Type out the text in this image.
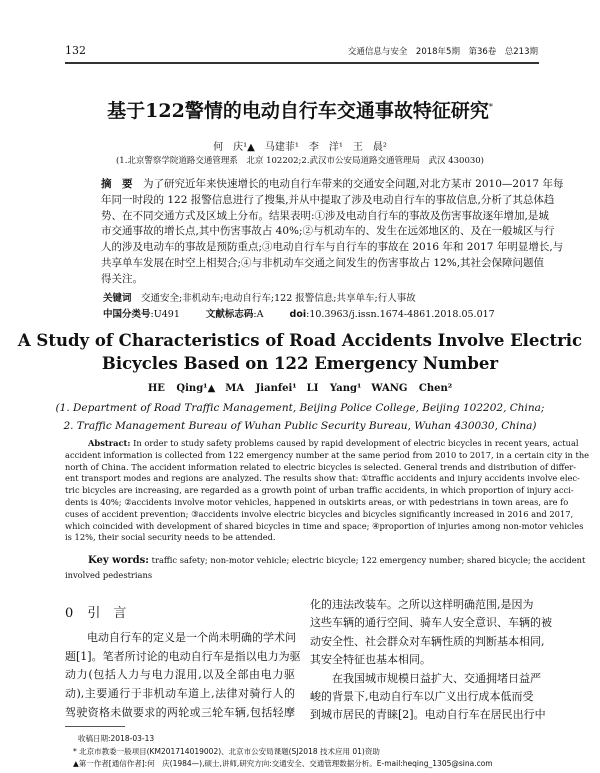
132	交通信息与安全　2018年5期　第36卷　总213期
基于122警情的电动自行车交通事故特征研究*
何　庆¹▲　马建菲¹　李　洋¹　王　晨²
(1.北京警察学院道路交通管理系　北京 102202;2.武汉市公安局道路交通管理局　武汉 430030)
摘　要　 为了研究近年来快速增长的电动自行车带来的交通安全问题,对北方某市 2010—2017 年每
年同一时段的 122 报警信息进行了搜集,并从中提取了涉及电动自行车的事故信息,分析了其总体趋
势、在不同交通方式及区域上分布。结果表明:①涉及电动自行车的事故及伤害事故逐年增加,是城
市交通事故的增长点,其中伤害事故占 40%;②与机动车的、发生在远郊地区的、及在一般城区与行
人的涉及电动车的事故是预防重点;③电动自行车与自行车的事故在 2016 年和 2017 年明显增长,与
共享单车发展在时空上相契合;④与非机动车交通之间发生的伤害事故占 12%,其社会保障问题值
得关注。
关键词　 交通安全;非机动车;电动自行车;122 报警信息;共享单车;行人事故
中国分类号:U491　　	文献标志码:A　　	doi:10.3963/j.issn.1674-4861.2018.05.017
A Study of Characteristics of Road Accidents Involve Electric
Bicycles Based on 122 Emergency Number
HE Qing¹▲　MA Jianfei¹　LI Yang¹　WANG Chen²
(1. Department of Road Traffic Management, Beijing Police College, Beijing 102202, China;
2. Traffic Management Bureau of Wuhan Public Security Bureau, Wuhan 430030, China)
Abstract: In order to study safety problems caused by rapid development of electric bicycles in recent years, actual
accident information is collected from 122 emergency number at the same period from 2010 to 2017, in a certain city in the
north of China. The accident information related to electric bicycles is selected. General trends and distribution of differ-
ent transport modes and regions are analyzed. The results show that: ①traffic accidents and injury accidents involve elec-
tric bicycles are increasing, are regarded as a growth point of urban traffic accidents, in which proportion of injury acci-
dents is 40%; ②accidents involve motor vehicles, happened in outskirts areas, or with pedestrians in town areas, are fo
cuses of accident prevention; ③accidents involve electric bicycles and bicycles significantly increased in 2016 and 2017,
which coincided with development of shared bicycles in time and space; ④proportion of injuries among non-motor vehicles
is 12%, their social security needs to be attended.
Key words: traffic safety; non-motor vehicle; electric bicycle; 122 emergency number; shared bicycle; the accident
involved pedestrians
0 引　言
电动自行车的定义是一个尚未明确的学术问
题[1]。笔者所讨论的电动自行车是指以电力为驱
动力(包括人力与电力混用,以及全部由电力驱
动),主要通行于非机动车道上,法律对骑行人的
驾驶资格未做要求的两轮或三轮车辆,包括轻摩
化的违法改装车。之所以这样明确范围,是因为
这些车辆的通行空间、骑车人安全意识、车辆的被
动安全性、社会群众对车辆性质的判断基本相同,
其安全特征也基本相同。
在我国城市规模日益扩大、交通拥堵日益严
峻的背景下,电动自行车以广义出行成本低而受
到城市居民的青睐[2]。电动自行车在居民出行中
收稿日期:2018-03-13
* 北京市教委一般项目(KM201714019002)、北京市公安局课题(SJ2018 技术应用 01)资助
▲第一作者[通信作者]:何　庆(1984—),硕士,讲师,研究方向:交通安全、交通管理数据分析。E-mail:heqing_1305@sina.com
